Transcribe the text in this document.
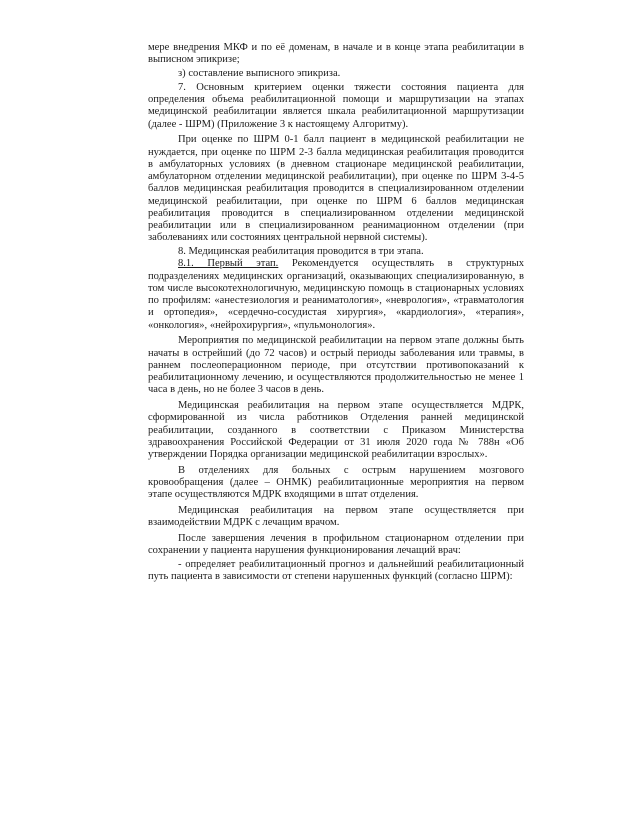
мере внедрения МКФ и по её доменам, в начале и в конце этапа реабилитации в выписном эпикризе;

з) составление выписного эпикриза.

7. Основным критерием оценки тяжести состояния пациента для определения объема реабилитационной помощи и маршрутизации на этапах медицинской реабилитации является шкала реабилитационной маршрутизации (далее - ШРМ) (Приложение 3 к настоящему Алгоритму).

При оценке по ШРМ 0-1 балл пациент в медицинской реабилитации не нуждается, при оценке по ШРМ 2-3 балла медицинская реабилитация проводится в амбулаторных условиях (в дневном стационаре медицинской реабилитации, амбулаторном отделении медицинской реабилитации), при оценке по ШРМ 3-4-5 баллов медицинская реабилитация проводится в специализированном отделении медицинской реабилитации, при оценке по ШРМ 6 баллов медицинская реабилитация проводится в специализированном отделении медицинской реабилитации или в специализированном реанимационном отделении (при заболеваниях или состояниях центральной нервной системы).

8. Медицинская реабилитация проводится в три этапа.

8.1. Первый этап. Рекомендуется осуществлять в структурных подразделениях медицинских организаций, оказывающих специализированную, в том числе высокотехнологичную, медицинскую помощь в стационарных условиях по профилям: «анестезиология и реаниматология», «неврология», «травматология и ортопедия», «сердечно-сосудистая хирургия», «кардиология», «терапия», «онкология», «нейрохирургия», «пульмонология».

Мероприятия по медицинской реабилитации на первом этапе должны быть начаты в острейший (до 72 часов) и острый периоды заболевания или травмы, в раннем послеоперационном периоде, при отсутствии противопоказаний к реабилитационному лечению, и осуществляются продолжительностью не менее 1 часа в день, но не более 3 часов в день.

Медицинская реабилитация на первом этапе осуществляется МДРК, сформированной из числа работников Отделения ранней медицинской реабилитации, созданного в соответствии с Приказом Министерства здравоохранения Российской Федерации от 31 июля 2020 года № 788н «Об утверждении Порядка организации медицинской реабилитации взрослых».

В отделениях для больных с острым нарушением мозгового кровообращения (далее – ОНМК) реабилитационные мероприятия на первом этапе осуществляются МДРК входящими в штат отделения.

Медицинская реабилитация на первом этапе осуществляется при взаимодействии МДРК с лечащим врачом.

После завершения лечения в профильном стационарном отделении при сохранении у пациента нарушения функционирования лечащий врач:

- определяет реабилитационный прогноз и дальнейший реабилитационный путь пациента в зависимости от степени нарушенных функций (согласно ШРМ):
